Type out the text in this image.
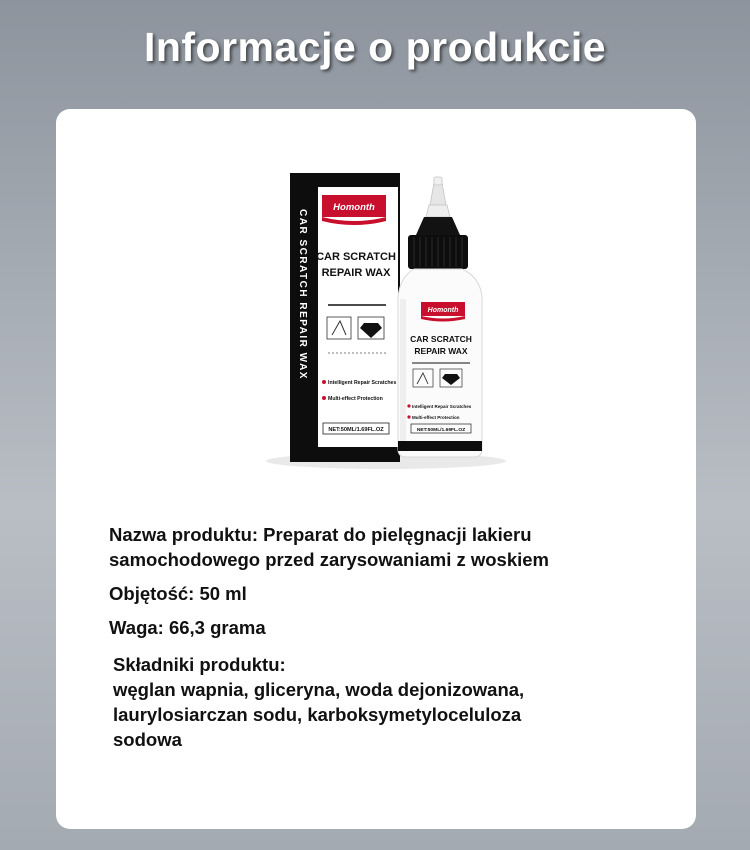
Informacje o produkcie
CAR SCRATCH REPAIR WAX
Homonth
CAR SCRATCH
REPAIR WAX
Intelligent Repair Scratches
Multi-effect Protection
NET:50ML/1.69FL.OZ
Homonth
CAR SCRATCH
REPAIR WAX
Intelligent Repair Scratches
Multi-effect Protection
NET:50ML/1.69FL.OZ
Nazwa produktu: Preparat do pielęgnacji lakieru
samochodowego przed zarysowaniami z woskiem
Objętość: 50 ml
Waga: 66,3 grama
Składniki produktu:
węglan wapnia, gliceryna, woda dejonizowana,
laurylosiarczan sodu, karboksymetyloceluloza
sodowa
